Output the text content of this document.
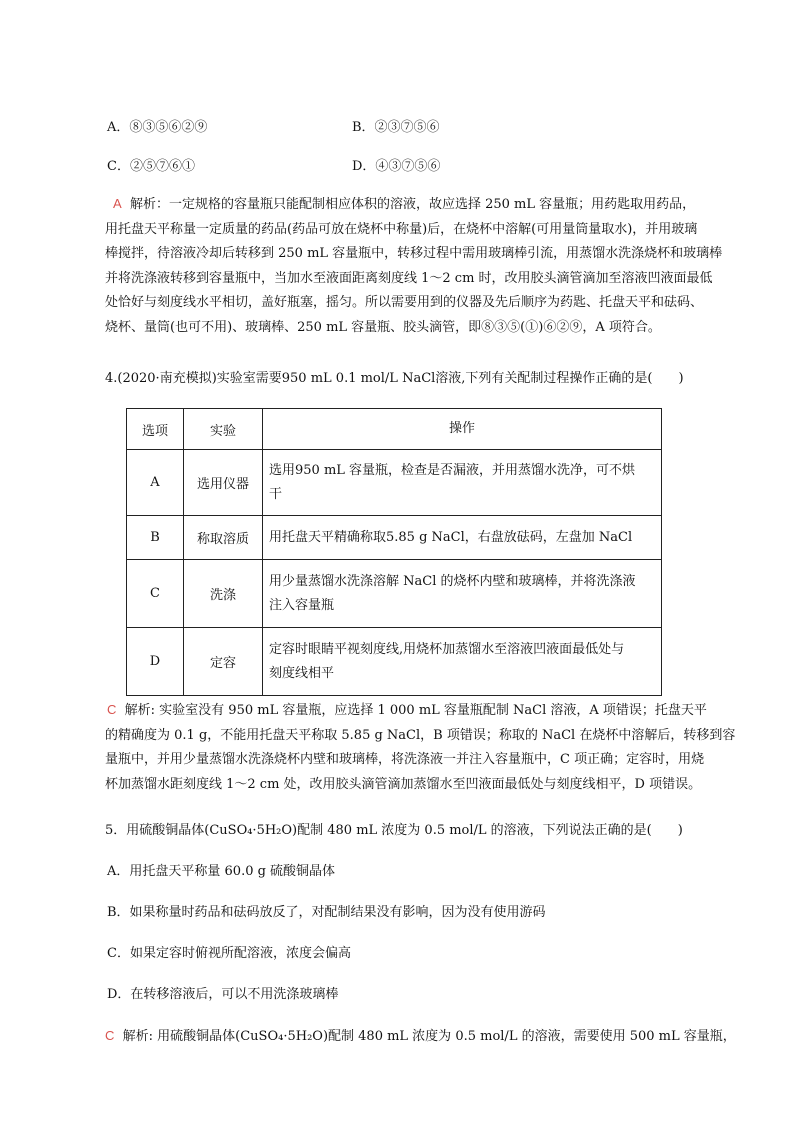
A．⑧③⑤⑥②⑨	B．②③⑦⑤⑥
C．②⑤⑦⑥①	D．④③⑦⑤⑥
A 解析：一定规格的容量瓶只能配制相应体积的溶液，故应选择 250 mL 容量瓶；用药匙取用药品，
用托盘天平称量一定质量的药品(药品可放在烧杯中称量)后，在烧杯中溶解(可用量筒量取水)，并用玻璃
棒搅拌，待溶液冷却后转移到 250 mL 容量瓶中，转移过程中需用玻璃棒引流，用蒸馏水洗涤烧杯和玻璃棒
并将洗涤液转移到容量瓶中，当加水至液面距离刻度线 1～2 cm 时，改用胶头滴管滴加至溶液凹液面最低
处恰好与刻度线水平相切，盖好瓶塞，摇匀。所以需要用到的仪器及先后顺序为药匙、托盘天平和砝码、
烧杯、量筒(也可不用)、玻璃棒、250 mL 容量瓶、胶头滴管，即⑧③⑤(①)⑥②⑨，A 项符合。
4.(2020·南充模拟)实验室需要950 mL 0.1 mol/L NaCl溶液,下列有关配制过程操作正确的是(　　)
选项	实验	操作
A	选用仪器	选用950 mL 容量瓶，检查是否漏液，并用蒸馏水洗净，可不烘
干

B	称取溶质	用托盘天平精确称取5.85 g NaCl，右盘放砝码，左盘加 NaCl

C	洗涤	用少量蒸馏水洗涤溶解 NaCl 的烧杯内壁和玻璃棒，并将洗涤液
注入容量瓶

D	定容	定容时眼睛平视刻度线,用烧杯加蒸馏水至溶液凹液面最低处与
刻度线相平
C 解析: 实验室没有 950 mL 容量瓶，应选择 1 000 mL 容量瓶配制 NaCl 溶液，A 项错误；托盘天平
的精确度为 0.1 g，不能用托盘天平称取 5.85 g NaCl，B 项错误；称取的 NaCl 在烧杯中溶解后，转移到容
量瓶中，并用少量蒸馏水洗涤烧杯内壁和玻璃棒，将洗涤液一并注入容量瓶中，C 项正确；定容时，用烧
杯加蒸馏水距刻度线 1～2 cm 处，改用胶头滴管滴加蒸馏水至凹液面最低处与刻度线相平，D 项错误。
5．用硫酸铜晶体(CuSO₄·5H₂O)配制 480 mL 浓度为 0.5 mol/L 的溶液，下列说法正确的是(　　)
A．用托盘天平称量 60.0 g 硫酸铜晶体
B．如果称量时药品和砝码放反了，对配制结果没有影响，因为没有使用游码
C．如果定容时俯视所配溶液，浓度会偏高
D．在转移溶液后，可以不用洗涤玻璃棒
C 解析: 用硫酸铜晶体(CuSO₄·5H₂O)配制 480 mL 浓度为 0.5 mol/L 的溶液，需要使用 500 mL 容量瓶，
